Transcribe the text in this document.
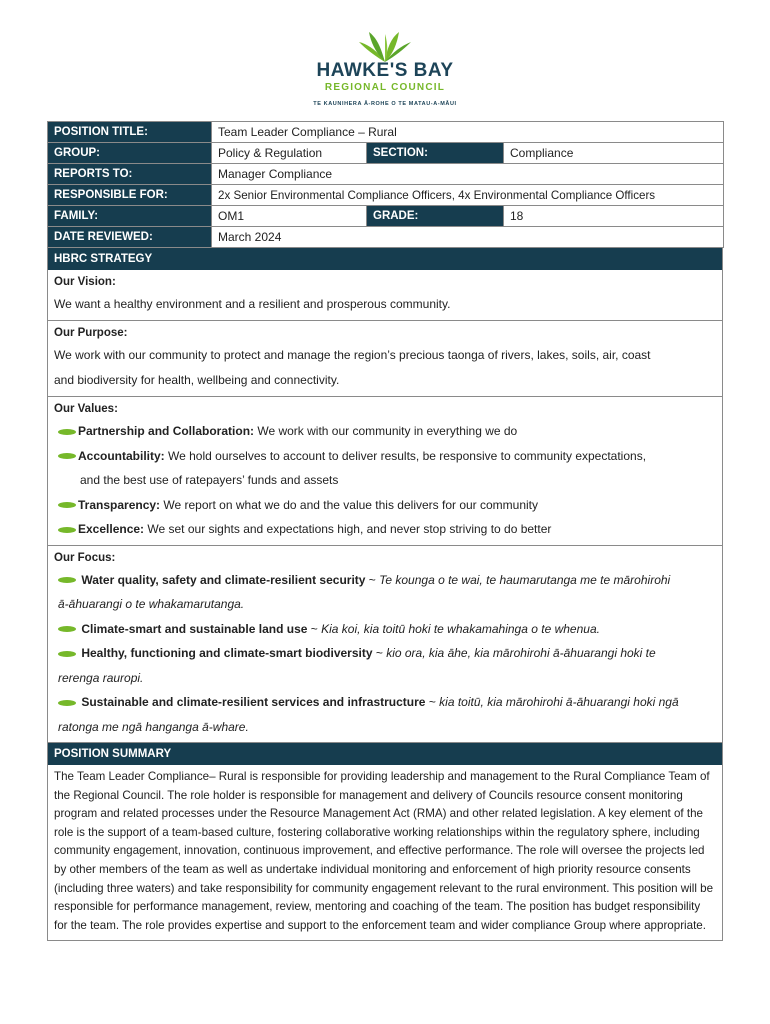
HAWKE'S BAY
REGIONAL COUNCIL
TE KAUNIHERA Ā-ROHE O TE MATAU-A-MĀUI
POSITION TITLE:	Team Leader Compliance – Rural		
GROUP:	Policy & Regulation	SECTION:	Compliance
REPORTS TO:	Manager Compliance		
RESPONSIBLE FOR:	2x Senior Environmental Compliance Officers, 4x Environmental Compliance Officers		
FAMILY:	OM1	GRADE:	18
DATE REVIEWED:	March 2024		
HBRC STRATEGY
Our Vision:
We want a healthy environment and a resilient and prosperous community.
Our Purpose:
We work with our community to protect and manage the region’s precious taonga of rivers, lakes, soils, air, coast
and biodiversity for health, wellbeing and connectivity.
Our Values:
Partnership and Collaboration: We work with our community in everything we do
Accountability: We hold ourselves to account to deliver results, be responsive to community expectations,
and the best use of ratepayers’ funds and assets
Transparency: We report on what we do and the value this delivers for our community
Excellence: We set our sights and expectations high, and never stop striving to do better
Our Focus:
Water quality, safety and climate-resilient security ~ Te kounga o te wai, te haumarutanga me te mārohirohi
ā-āhuarangi o te whakamarutanga.
Climate-smart and sustainable land use ~ Kia koi, kia toitū hoki te whakamahinga o te whenua.
Healthy, functioning and climate-smart biodiversity ~ kio ora, kia āhe, kia mārohirohi ā-āhuarangi hoki te
rerenga rauropi.
Sustainable and climate-resilient services and infrastructure ~ kia toitū, kia mārohirohi ā-āhuarangi hoki ngā
ratonga me ngā hanganga ā-whare.
POSITION SUMMARY
The Team Leader Compliance– Rural is responsible for providing leadership and management to the Rural Compliance Team of the Regional Council. The role holder is responsible for management and delivery of Councils resource consent monitoring program and related processes under the Resource Management Act (RMA) and other related legislation. A key element of the role is the support of a team-based culture, fostering collaborative working relationships within the regulatory sphere, including community engagement, innovation, continuous improvement, and effective performance. The role will oversee the projects led by other members of the team as well as undertake individual monitoring and enforcement of high priority resource consents (including three waters) and take responsibility for community engagement relevant to the rural environment. This position will be responsible for performance management, review, mentoring and coaching of the team. The position has budget responsibility for the team. The role provides expertise and support to the enforcement team and wider compliance Group where appropriate.
